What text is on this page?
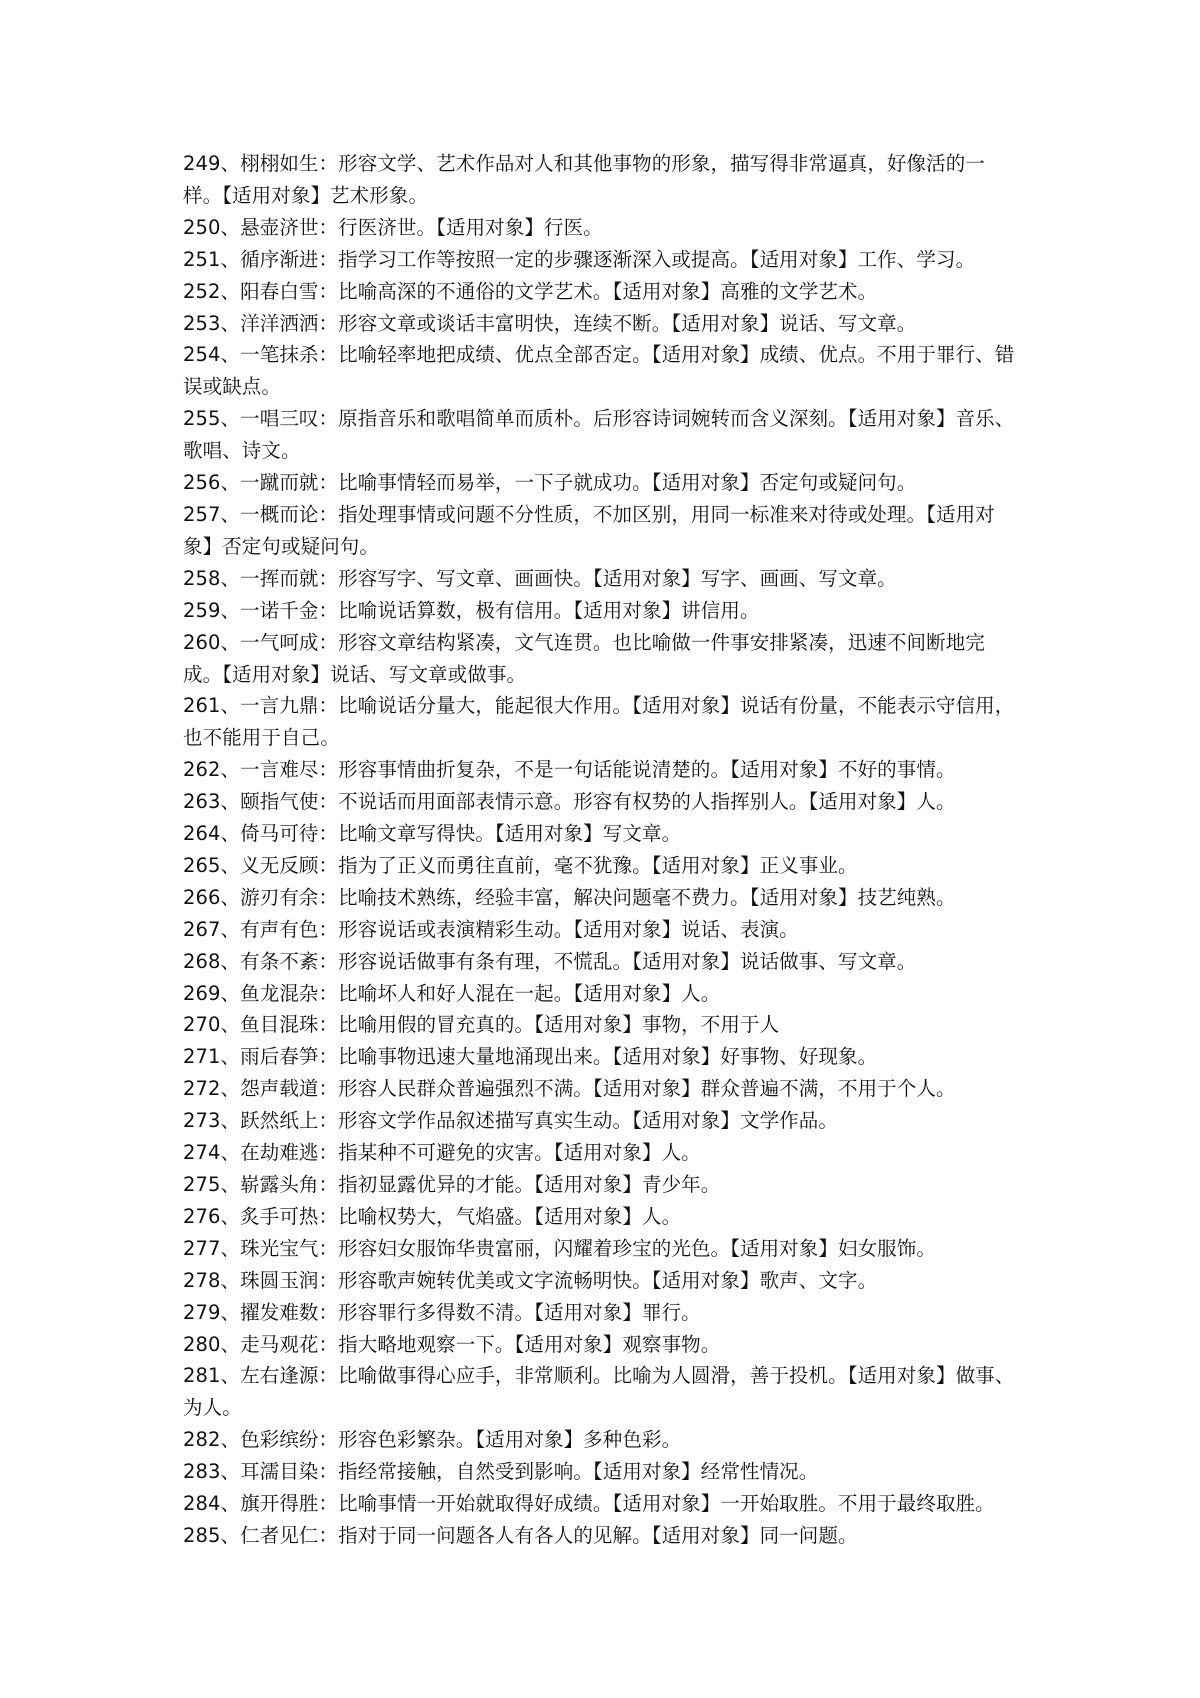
249、栩栩如生：形容文学、艺术作品对人和其他事物的形象，描写得非常逼真，好像活的一样。【适用对象】艺术形象。
250、悬壶济世：行医济世。【适用对象】行医。
251、循序渐进：指学习工作等按照一定的步骤逐渐深入或提高。【适用对象】工作、学习。
252、阳春白雪：比喻高深的不通俗的文学艺术。【适用对象】高雅的文学艺术。
253、洋洋洒洒：形容文章或谈话丰富明快，连续不断。【适用对象】说话、写文章。
254、一笔抹杀：比喻轻率地把成绩、优点全部否定。【适用对象】成绩、优点。不用于罪行、错误或缺点。
255、一唱三叹：原指音乐和歌唱简单而质朴。后形容诗词婉转而含义深刻。【适用对象】音乐、歌唱、诗文。
256、一蹴而就：比喻事情轻而易举，一下子就成功。【适用对象】否定句或疑问句。
257、一概而论：指处理事情或问题不分性质，不加区别，用同一标准来对待或处理。【适用对象】否定句或疑问句。
258、一挥而就：形容写字、写文章、画画快。【适用对象】写字、画画、写文章。
259、一诺千金：比喻说话算数，极有信用。【适用对象】讲信用。
260、一气呵成：形容文章结构紧凑，文气连贯。也比喻做一件事安排紧凑，迅速不间断地完成。【适用对象】说话、写文章或做事。
261、一言九鼎：比喻说话分量大，能起很大作用。【适用对象】说话有份量，不能表示守信用，也不能用于自己。
262、一言难尽：形容事情曲折复杂，不是一句话能说清楚的。【适用对象】不好的事情。
263、颐指气使：不说话而用面部表情示意。形容有权势的人指挥别人。【适用对象】人。
264、倚马可待：比喻文章写得快。【适用对象】写文章。
265、义无反顾：指为了正义而勇往直前，毫不犹豫。【适用对象】正义事业。
266、游刃有余：比喻技术熟练，经验丰富，解决问题毫不费力。【适用对象】技艺纯熟。
267、有声有色：形容说话或表演精彩生动。【适用对象】说话、表演。
268、有条不紊：形容说话做事有条有理，不慌乱。【适用对象】说话做事、写文章。
269、鱼龙混杂：比喻坏人和好人混在一起。【适用对象】人。
270、鱼目混珠：比喻用假的冒充真的。【适用对象】事物，不用于人
271、雨后春笋：比喻事物迅速大量地涌现出来。【适用对象】好事物、好现象。
272、怨声载道：形容人民群众普遍强烈不满。【适用对象】群众普遍不满，不用于个人。
273、跃然纸上：形容文学作品叙述描写真实生动。【适用对象】文学作品。
274、在劫难逃：指某种不可避免的灾害。【适用对象】人。
275、崭露头角：指初显露优异的才能。【适用对象】青少年。
276、炙手可热：比喻权势大，气焰盛。【适用对象】人。
277、珠光宝气：形容妇女服饰华贵富丽，闪耀着珍宝的光色。【适用对象】妇女服饰。
278、珠圆玉润：形容歌声婉转优美或文字流畅明快。【适用对象】歌声、文字。
279、擢发难数：形容罪行多得数不清。【适用对象】罪行。
280、走马观花：指大略地观察一下。【适用对象】观察事物。
281、左右逢源：比喻做事得心应手，非常顺利。比喻为人圆滑，善于投机。【适用对象】做事、为人。
282、色彩缤纷：形容色彩繁杂。【适用对象】多种色彩。
283、耳濡目染：指经常接触，自然受到影响。【适用对象】经常性情况。
284、旗开得胜：比喻事情一开始就取得好成绩。【适用对象】一开始取胜。不用于最终取胜。
285、仁者见仁：指对于同一问题各人有各人的见解。【适用对象】同一问题。
